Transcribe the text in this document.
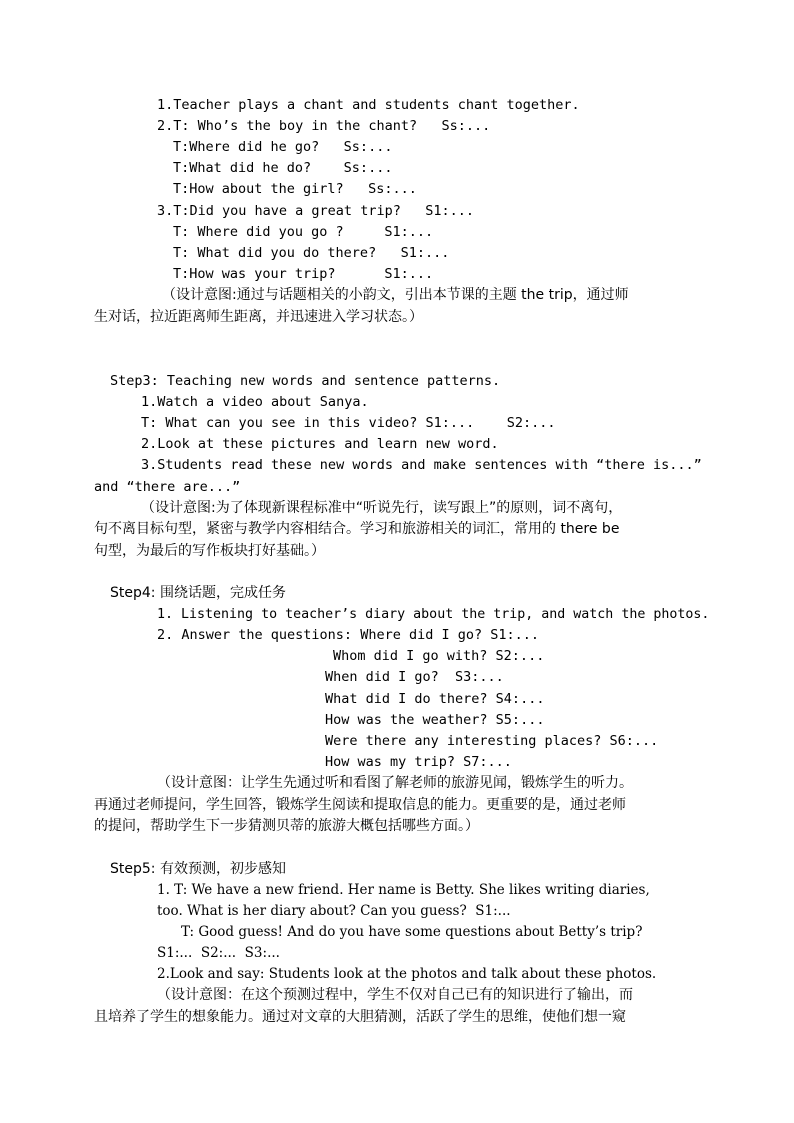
1.Teacher plays a chant and students chant together.
2.T: Who’s the boy in the chant?   Ss:...
T:Where did he go?   Ss:...
T:What did he do?    Ss:...
T:How about the girl?   Ss:...
3.T:Did you have a great trip?   S1:...
T: Where did you go ?     S1:...
T: What did you do there?   S1:...
T:How was your trip?      S1:...
（设计意图:通过与话题相关的小韵文，引出本节课的主题 the trip，通过师
生对话，拉近距离师生距离，并迅速进入学习状态。）
Step3: Teaching new words and sentence patterns.
1.Watch a video about Sanya.
T: What can you see in this video? S1:...    S2:...
2.Look at these pictures and learn new word.
3.Students read these new words and make sentences with “there is...”
and “there are...”
（设计意图:为了体现新课程标准中“听说先行，读写跟上”的原则，词不离句，
句不离目标句型，紧密与教学内容相结合。学习和旅游相关的词汇，常用的 there be
句型，为最后的写作板块打好基础。）
Step4: 围绕话题，完成任务
1. Listening to teacher’s diary about the trip, and watch the photos.
2. Answer the questions: Where did I go? S1:...
Whom did I go with? S2:...
When did I go?  S3:...
What did I do there? S4:...
How was the weather? S5:...
Were there any interesting places? S6:...
How was my trip? S7:...
（设计意图：让学生先通过听和看图了解老师的旅游见闻，锻炼学生的听力。
再通过老师提问，学生回答，锻炼学生阅读和提取信息的能力。更重要的是，通过老师
的提问，帮助学生下一步猜测贝蒂的旅游大概包括哪些方面。）
Step5: 有效预测，初步感知
1. T: We have a new friend. Her name is Betty. She likes writing diaries,
too. What is her diary about? Can you guess?  S1:...
T: Good guess! And do you have some questions about Betty’s trip?
S1:...  S2:...  S3:...
2.Look and say: Students look at the photos and talk about these photos.
（设计意图：在这个预测过程中，学生不仅对自己已有的知识进行了输出，而
且培养了学生的想象能力。通过对文章的大胆猜测，活跃了学生的思维，使他们想一窥
